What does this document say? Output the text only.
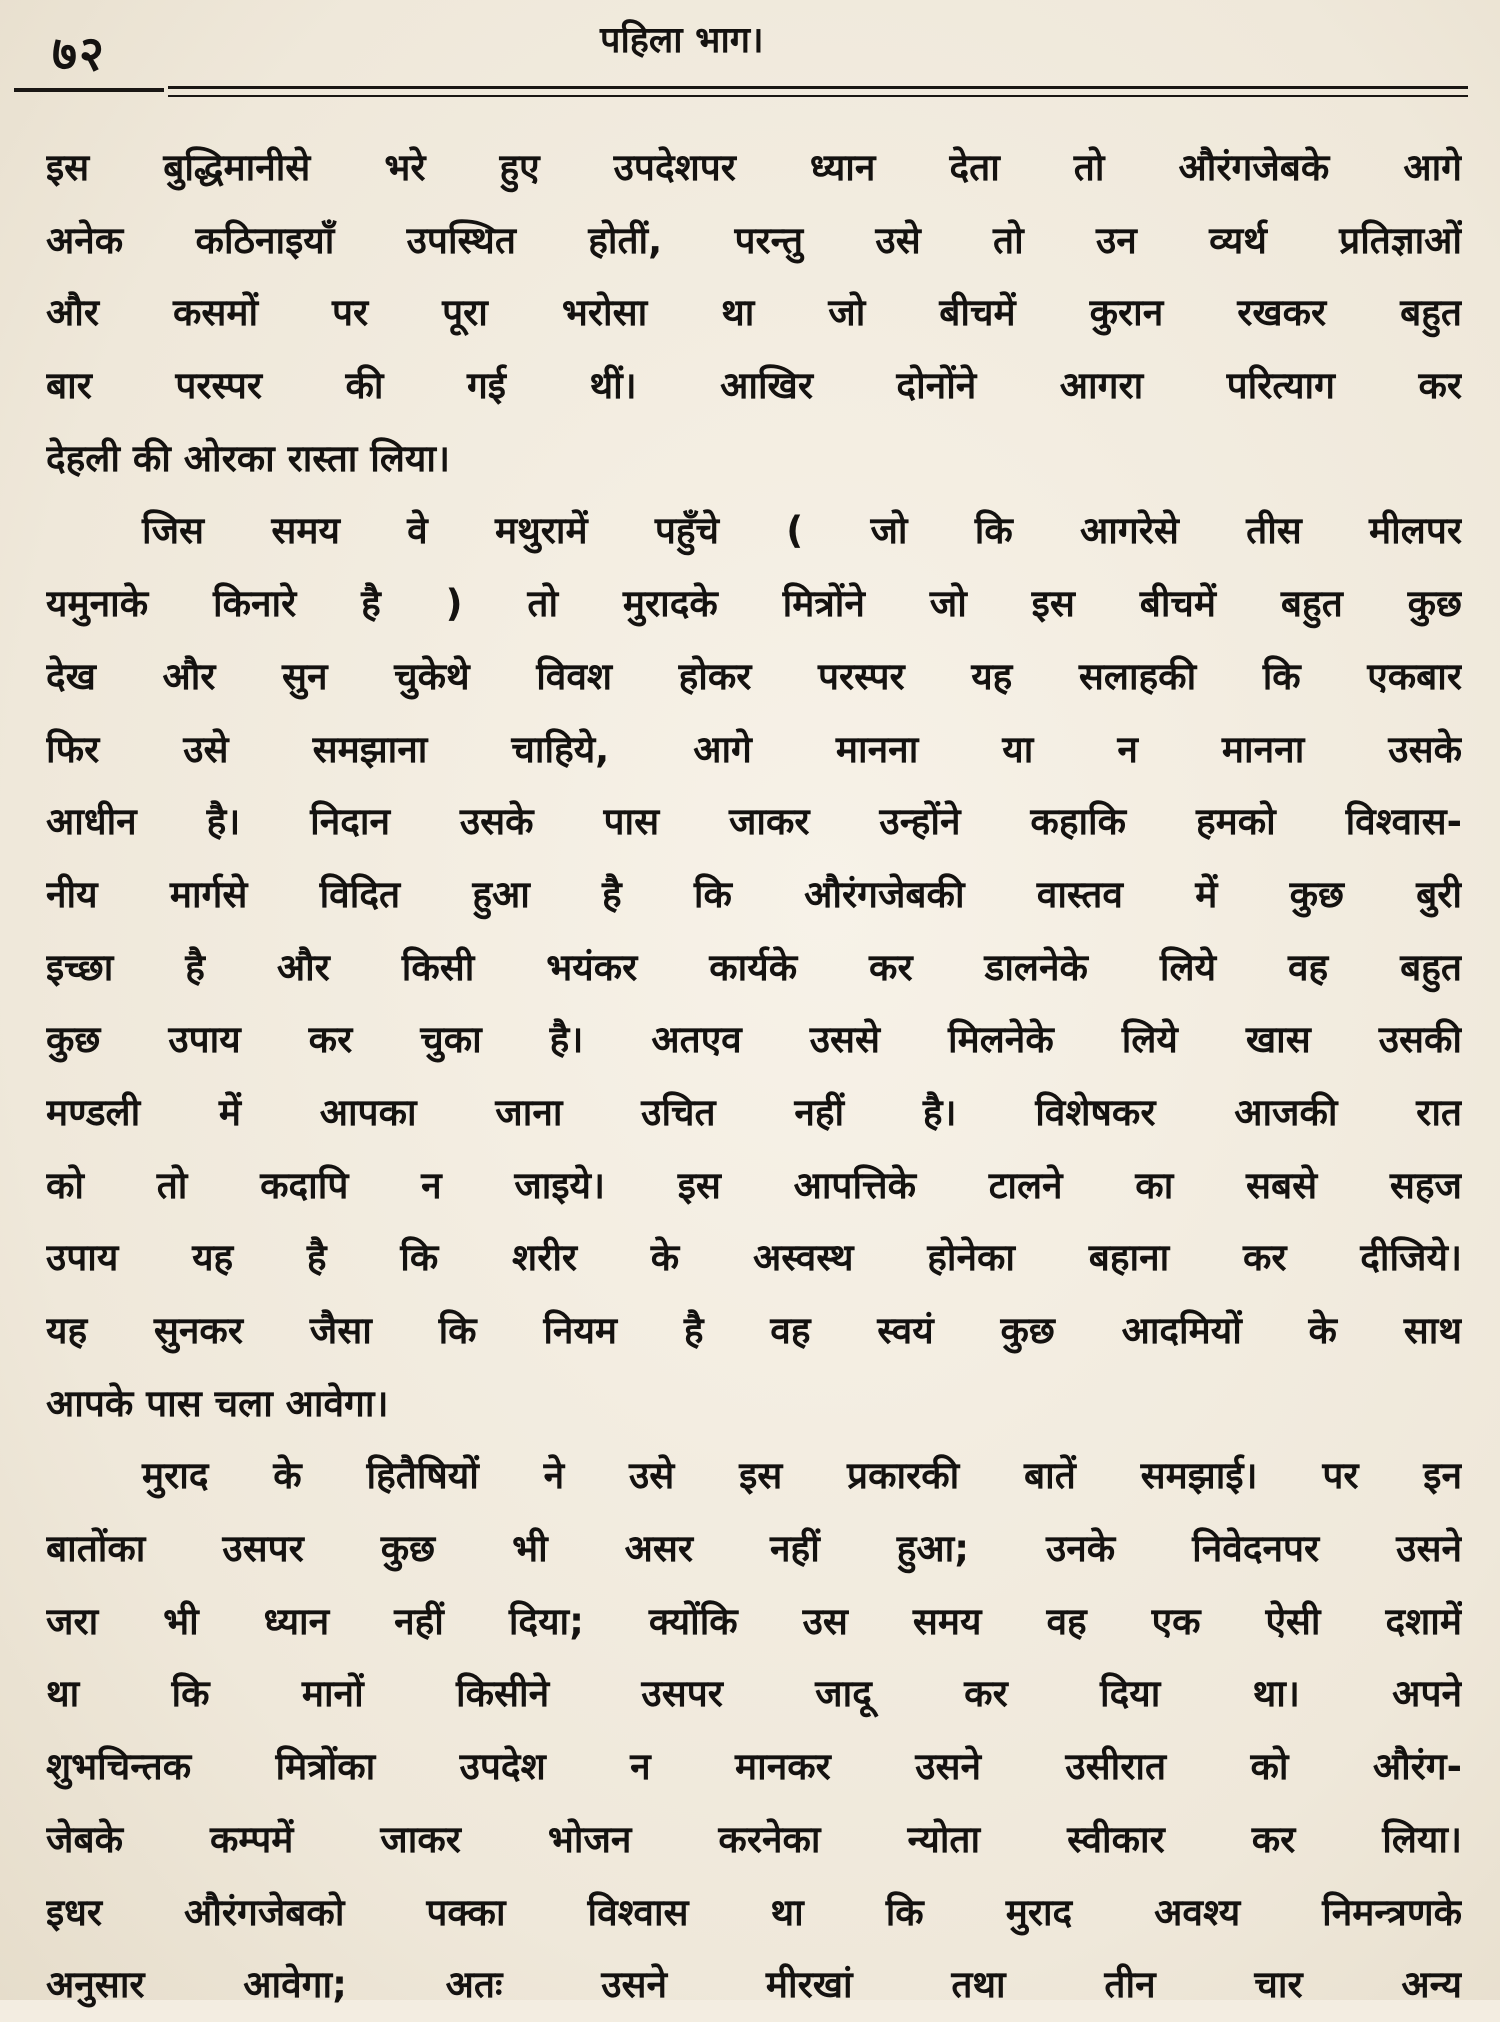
७२	पहिला भाग।
इस बुद्धिमानीसे भरे हुए उपदेशपर ध्यान देता तो औरंगजेबके आगे
अनेक कठिनाइयाँ उपस्थित होतीं, परन्तु उसे तो उन व्यर्थ प्रतिज्ञाओं
और कसमों पर पूरा भरोसा था जो बीचमें कुरान रखकर बहुत
बार परस्पर की गई थीं। आखिर दोनोंने आगरा परित्याग कर
देहली की ओरका रास्ता लिया।
जिस समय वे मथुरामें पहुँचे ( जो कि आगरेसे तीस मीलपर
यमुनाके किनारे है ) तो मुरादके मित्रोंने जो इस बीचमें बहुत कुछ
देख और सुन चुकेथे विवश होकर परस्पर यह सलाहकी कि एकबार
फिर उसे समझाना चाहिये, आगे मानना या न मानना उसके
आधीन है। निदान उसके पास जाकर उन्होंने कहाकि हमको विश्वास-
नीय मार्गसे विदित हुआ है कि औरंगजेबकी वास्तव में कुछ बुरी
इच्छा है और किसी भयंकर कार्यके कर डालनेके लिये वह बहुत
कुछ उपाय कर चुका है। अतएव उससे मिलनेके लिये खास उसकी
मण्डली में आपका जाना उचित नहीं है। विशेषकर आजकी रात
को तो कदापि न जाइये। इस आपत्तिके टालने का सबसे सहज
उपाय यह है कि शरीर के अस्वस्थ होनेका बहाना कर दीजिये।
यह सुनकर जैसा कि नियम है वह स्वयं कुछ आदमियों के साथ
आपके पास चला आवेगा।
मुराद के हितैषियों ने उसे इस प्रकारकी बातें समझाई। पर इन
बातोंका उसपर कुछ भी असर नहीं हुआ; उनके निवेदनपर उसने
जरा भी ध्यान नहीं दिया; क्योंकि उस समय वह एक ऐसी दशामें
था कि मानों किसीने उसपर जादू कर दिया था। अपने
शुभचिन्तक मित्रोंका उपदेश न मानकर उसने उसीरात को औरंग-
जेबके कम्पमें जाकर भोजन करनेका न्योता स्वीकार कर लिया।
इधर औरंगजेबको पक्का विश्वास था कि मुराद अवश्य निमन्त्रणके
अनुसार आवेगा; अतः उसने मीरखां तथा तीन चार अन्य
